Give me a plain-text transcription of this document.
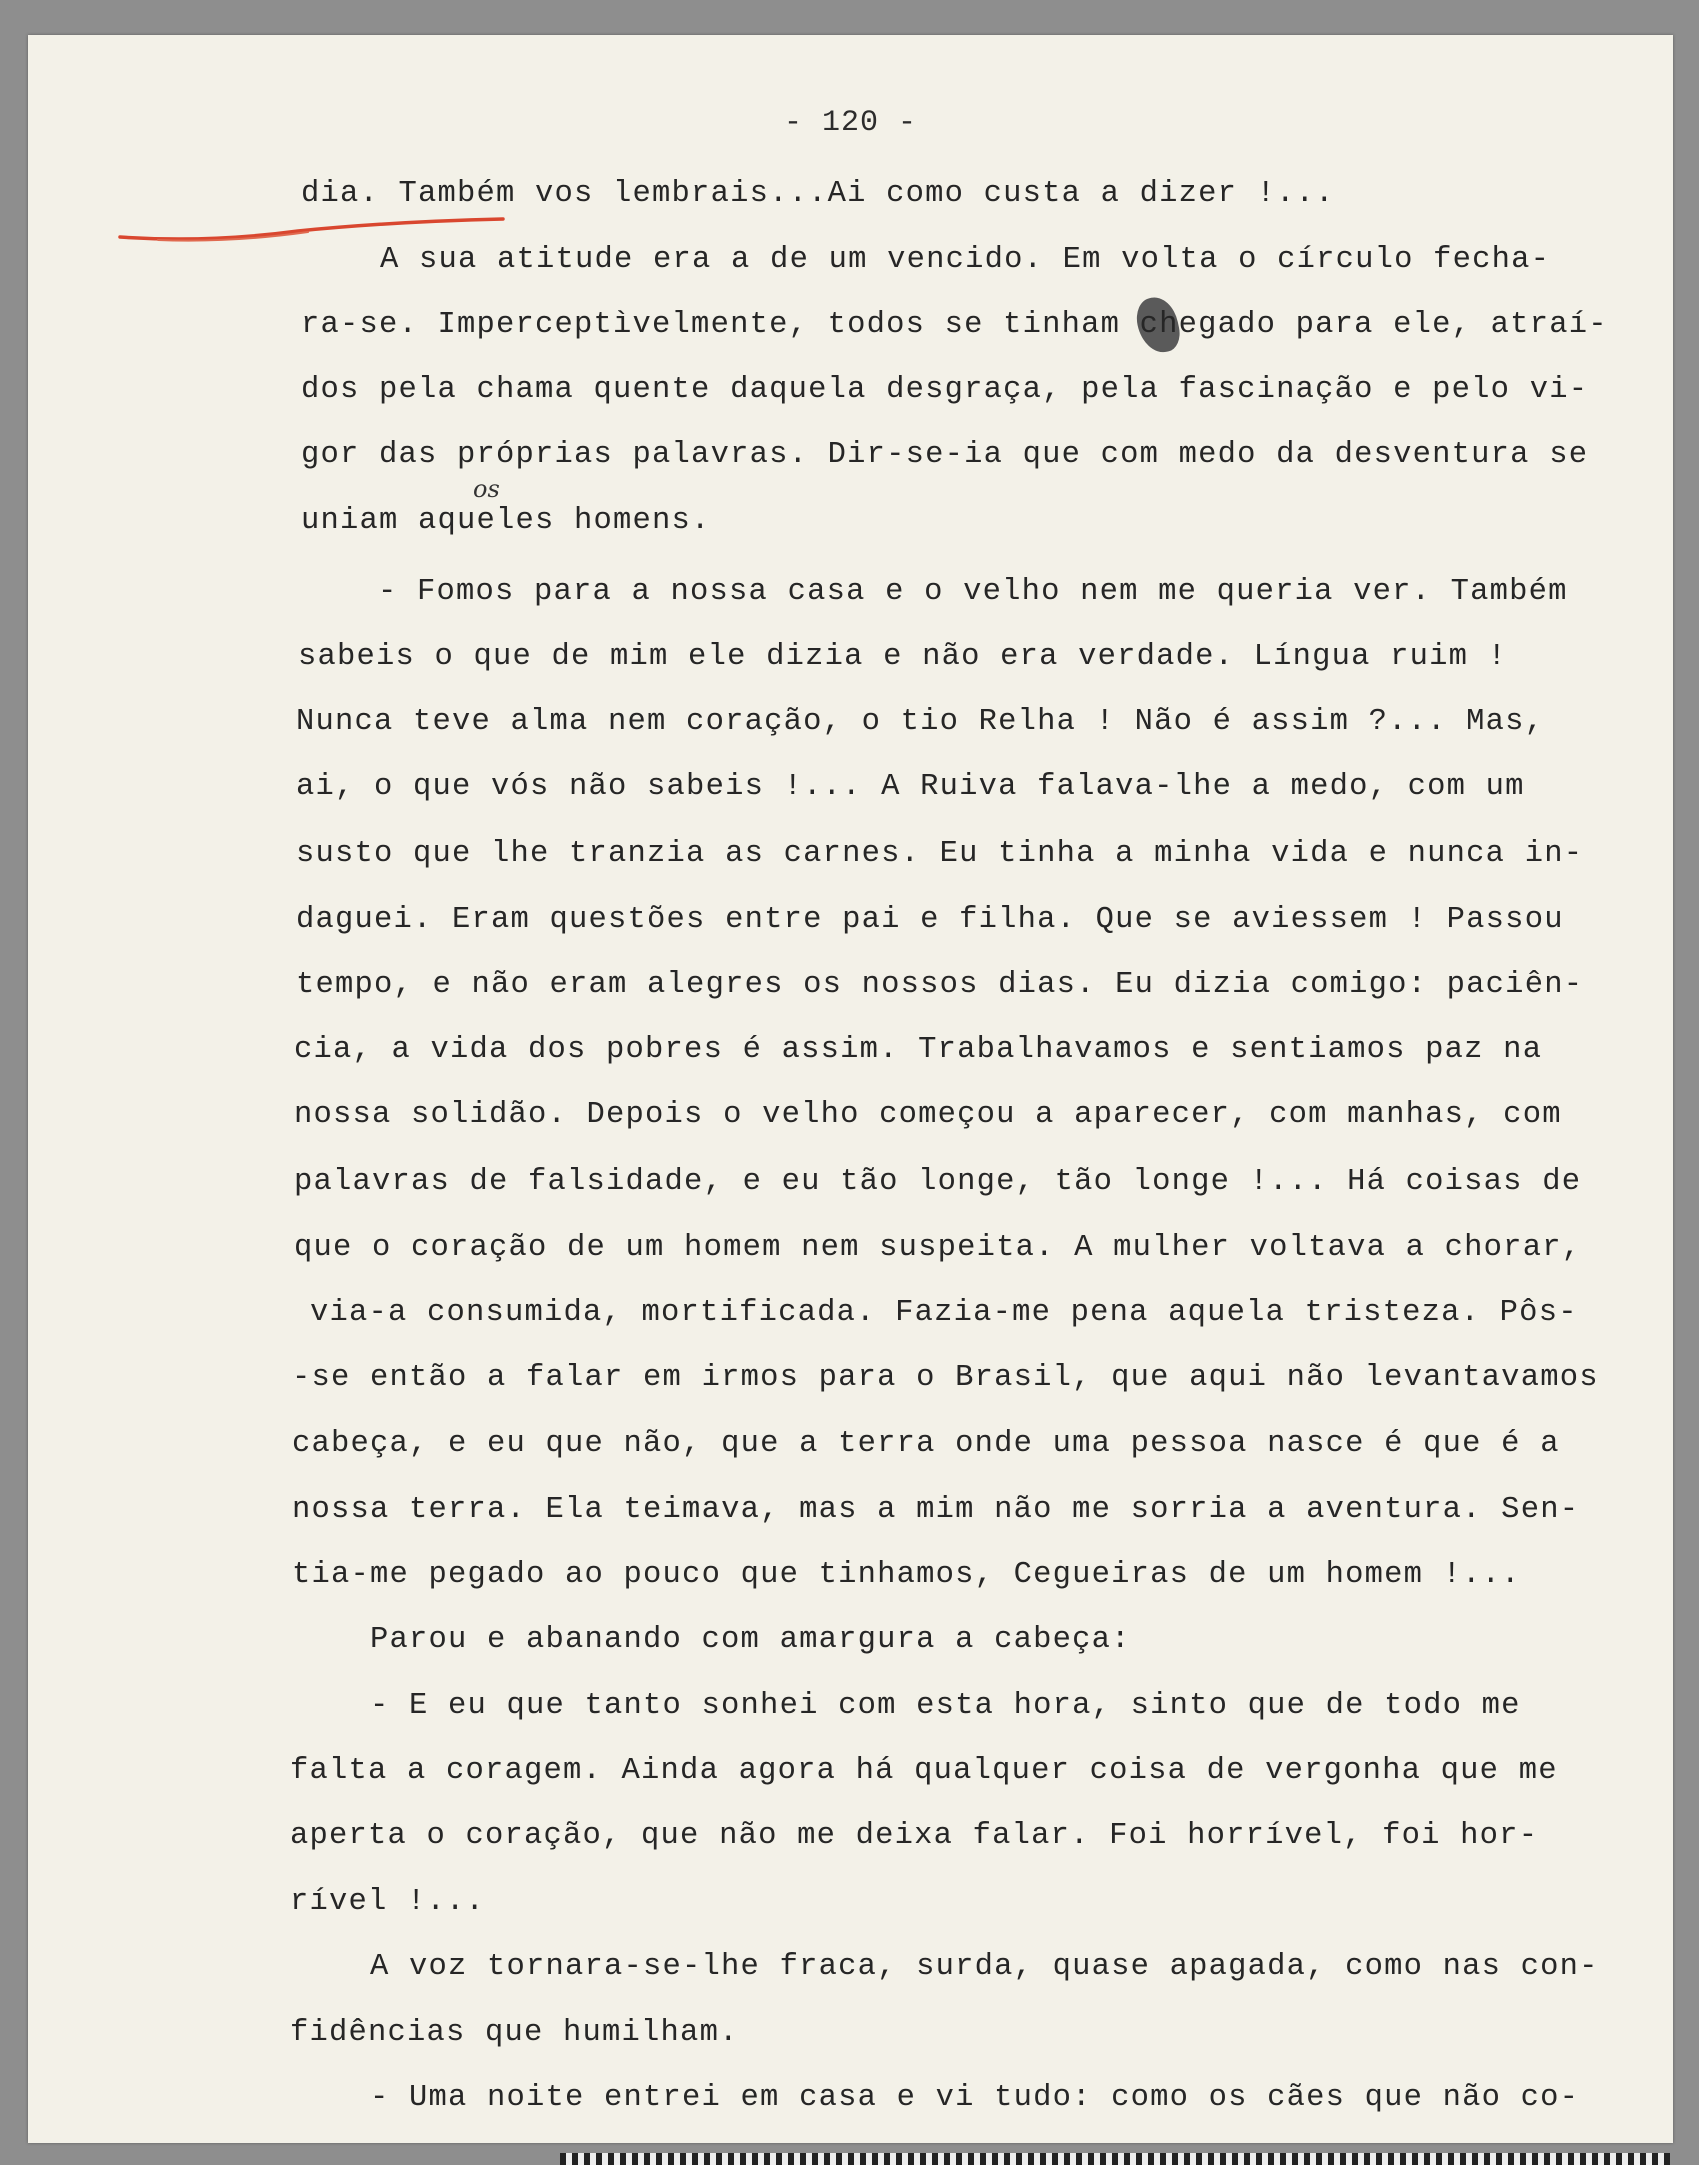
- 120 -
os
dia. Também vos lembrais...Ai como custa a dizer !...
A sua atitude era a de um vencido. Em volta o círculo fecha-
ra-se. Imperceptìvelmente, todos se tinham chegado para ele, atraí-
dos pela chama quente daquela desgraça, pela fascinação e pelo vi-
gor das próprias palavras. Dir-se-ia que com medo da desventura se
uniam aqueles homens.
- Fomos para a nossa casa e o velho nem me queria ver. Também
sabeis o que de mim ele dizia e não era verdade. Língua ruim !
Nunca teve alma nem coração, o tio Relha ! Não é assim ?... Mas,
ai, o que vós não sabeis !... A Ruiva falava-lhe a medo, com um
susto que lhe tranzia as carnes. Eu tinha a minha vida e nunca in-
daguei. Eram questões entre pai e filha. Que se aviessem ! Passou
tempo, e não eram alegres os nossos dias. Eu dizia comigo: paciên-
cia, a vida dos pobres é assim. Trabalhavamos e sentiamos paz na
nossa solidão. Depois o velho começou a aparecer, com manhas, com
palavras de falsidade, e eu tão longe, tão longe !... Há coisas de
que o coração de um homem nem suspeita. A mulher voltava a chorar,
via-a consumida, mortificada. Fazia-me pena aquela tristeza. Pôs-
-se então a falar em irmos para o Brasil, que aqui não levantavamos
cabeça, e eu que não, que a terra onde uma pessoa nasce é que é a
nossa terra. Ela teimava, mas a mim não me sorria a aventura. Sen-
tia-me pegado ao pouco que tinhamos, Cegueiras de um homem !...
Parou e abanando com amargura a cabeça:
- E eu que tanto sonhei com esta hora, sinto que de todo me
falta a coragem. Ainda agora há qualquer coisa de vergonha que me
aperta o coração, que não me deixa falar. Foi horrível, foi hor-
rível !...
A voz tornara-se-lhe fraca, surda, quase apagada, como nas con-
fidências que humilham.
- Uma noite entrei em casa e vi tudo: como os cães que não co-
